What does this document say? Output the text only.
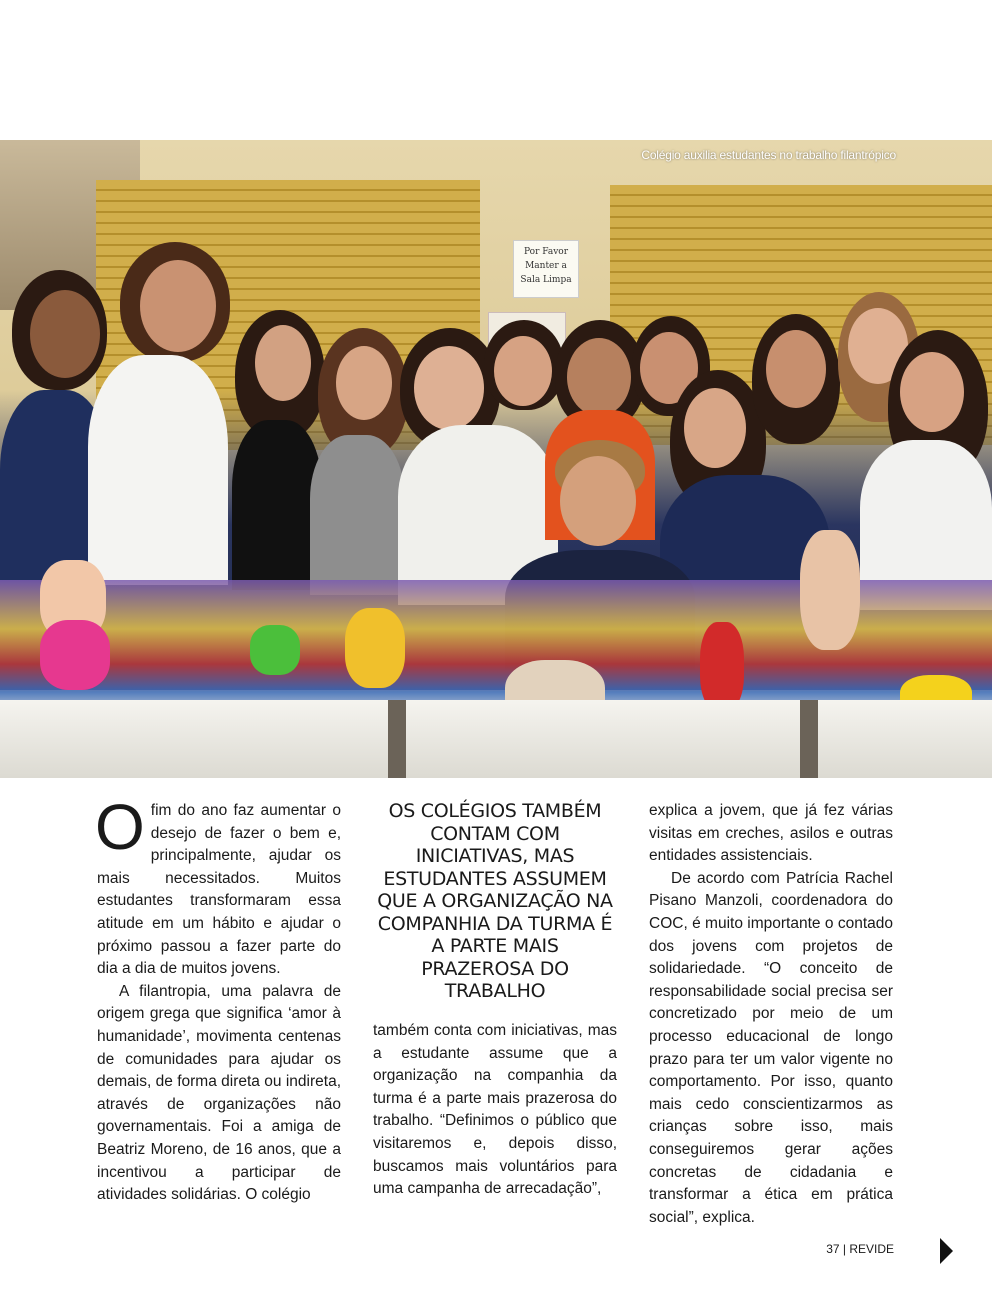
Por Favor
Manter a
Sala Limpa
Colégio auxilia estudantes no trabalho filantrópico

Ofim do ano faz aumentar o desejo de fazer o bem e, principalmente, ajudar os mais necessitados. Muitos estudantes transformaram essa atitude em um hábito e ajudar o próximo passou a fazer parte do dia a dia de muitos jovens.

A filantropia, uma palavra de origem grega que significa ‘amor à humanidade’, movimenta centenas de comunidades para ajudar os demais, de forma direta ou indireta, através de organizações não governamentais. Foi a amiga de Beatriz Moreno, de 16 anos, que a incentivou a participar de atividades solidárias. O colégio

OS COLÉGIOS TAMBÉM CONTAM COM INICIATIVAS, MAS ESTUDANTES ASSUMEM QUE A ORGANIZAÇÃO NA COMPANHIA DA TURMA É A PARTE MAIS PRAZEROSA DO TRABALHO

também conta com iniciativas, mas a estudante assume que a organização na companhia da turma é a parte mais prazerosa do trabalho. “Definimos o público que visitaremos e, depois disso, buscamos mais voluntários para uma campanha de arrecadação”,

explica a jovem, que já fez várias visitas em creches, asilos e outras entidades assistenciais.

De acordo com Patrícia Rachel Pisano Manzoli, coordenadora do COC, é muito importante o contado dos jovens com projetos de solidariedade. “O conceito de responsabilidade social precisa ser concretizado por meio de um processo educacional de longo prazo para ter um valor vigente no comportamento. Por isso, quanto mais cedo conscientizarmos as crianças sobre isso, mais conseguiremos gerar ações concretas de cidadania e transformar a ética em prática social”, explica.

37 | REVIDE
